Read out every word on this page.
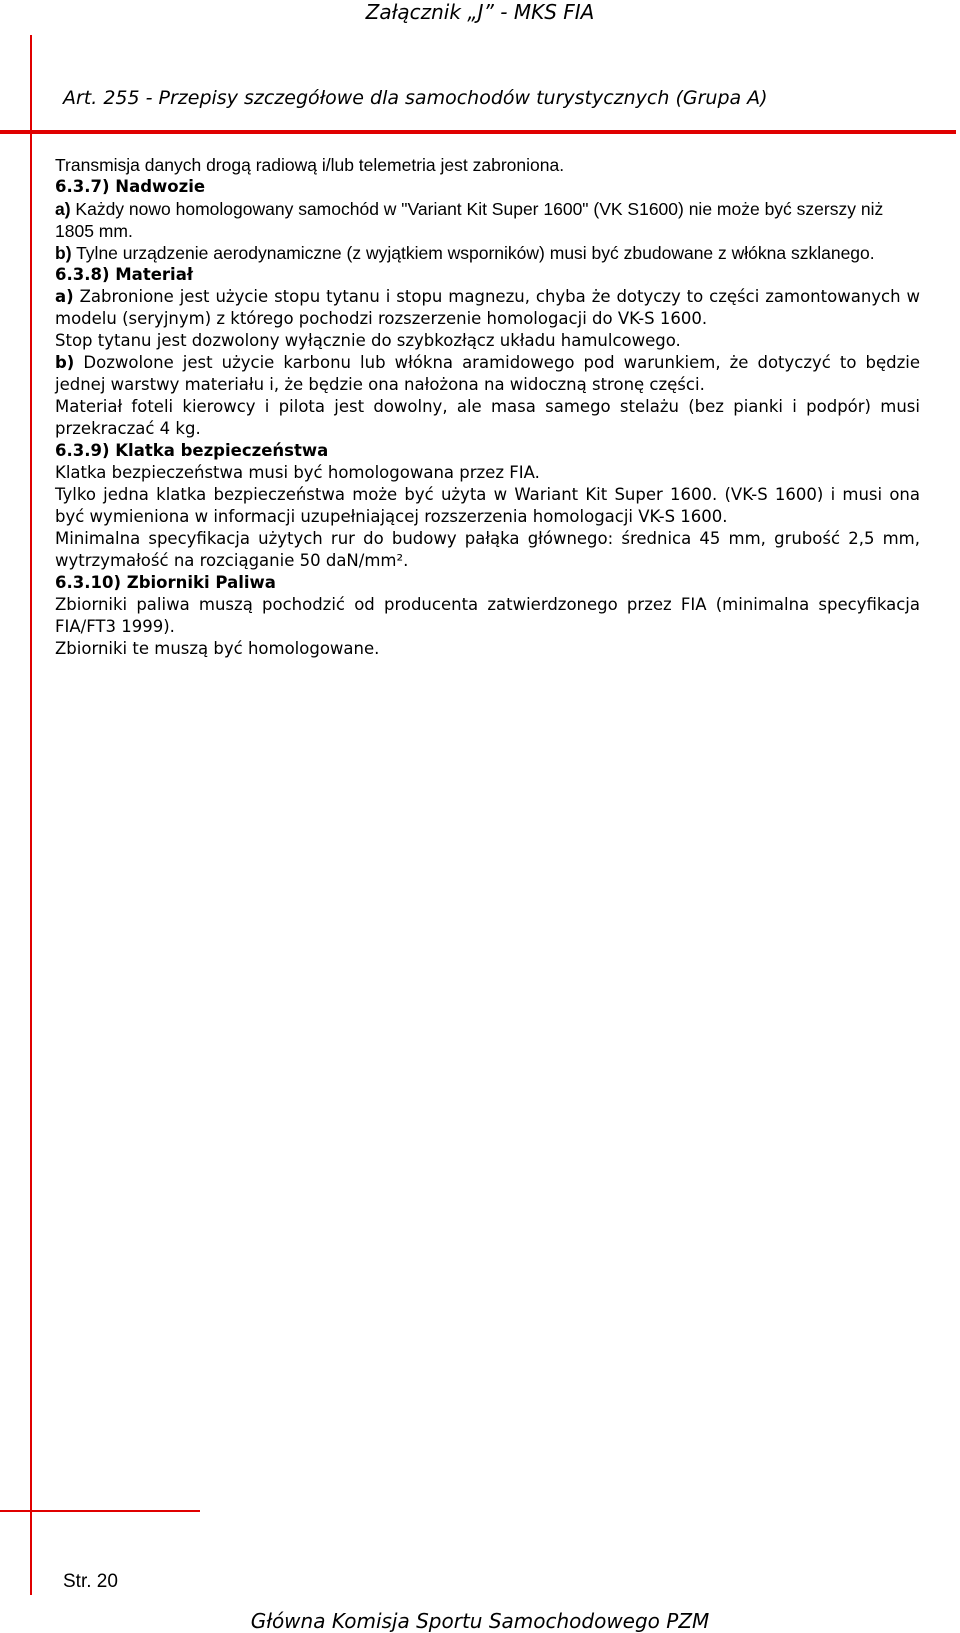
Załącznik „J” - MKS FIA
Art. 255 - Przepisy szczegółowe dla samochodów turystycznych (Grupa A)

Transmisja danych drogą radiową i/lub telemetria jest zabroniona.

6.3.7) Nadwozie

a) Każdy nowo homologowany samochód w "Variant Kit Super 1600" (VK S1600) nie może być szerszy niż 1805 mm.

b) Tylne urządzenie aerodynamiczne (z wyjątkiem wsporników) musi być zbudowane z włókna szklanego.

6.3.8) Materiał

a) Zabronione jest użycie stopu tytanu i stopu magnezu, chyba że dotyczy to części zamontowanych w modelu (seryjnym) z którego pochodzi rozszerzenie homologacji do VK-S 1600.

Stop tytanu jest dozwolony wyłącznie do szybkozłącz układu hamulcowego.

b) Dozwolone jest użycie karbonu lub włókna aramidowego pod warunkiem, że dotyczyć to będzie jednej warstwy materiału i, że będzie ona nałożona na widoczną stronę części.

Materiał foteli kierowcy i pilota jest dowolny, ale masa samego stelażu (bez pianki i podpór) musi przekraczać 4 kg.

6.3.9) Klatka bezpieczeństwa

Klatka bezpieczeństwa musi być homologowana przez FIA.

Tylko jedna klatka bezpieczeństwa może być użyta w Wariant Kit Super 1600. (VK-S 1600) i musi ona być wymieniona w informacji uzupełniającej rozszerzenia homologacji VK-S 1600.

Minimalna specyfikacja użytych rur do budowy pałąka głównego: średnica 45 mm, grubość 2,5 mm, wytrzymałość na rozciąganie 50 daN/mm².

6.3.10) Zbiorniki Paliwa

Zbiorniki paliwa muszą pochodzić od producenta zatwierdzonego przez FIA (minimalna specyfikacja FIA/FT3 1999).

Zbiorniki te muszą być homologowane.

Str. 20
Główna Komisja Sportu Samochodowego PZM
